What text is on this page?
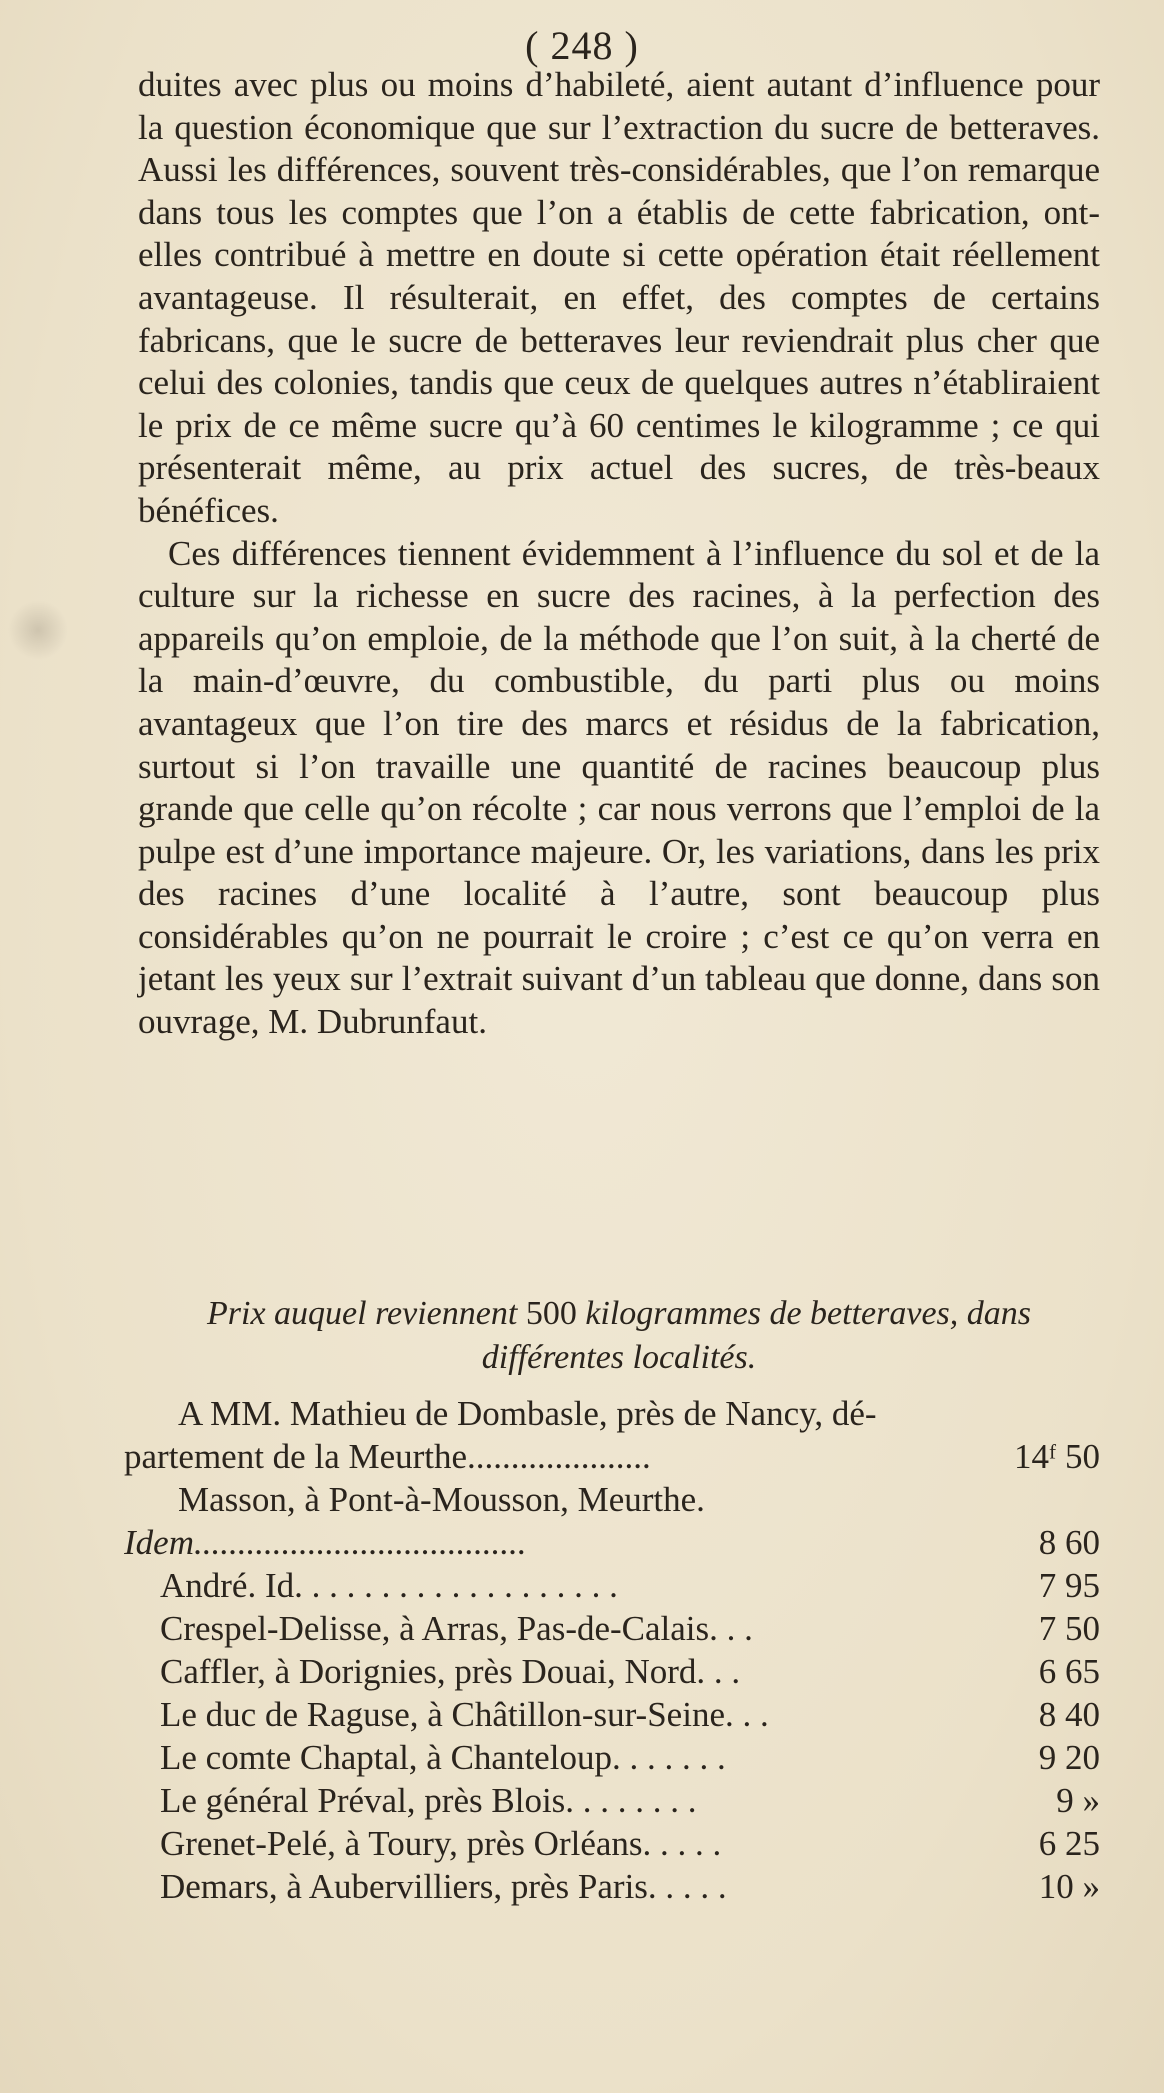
( 248 )

duites avec plus ou moins d’habileté, aient autant d’influence pour la question économique que sur l’extraction du sucre de betteraves. Aussi les différences, souvent très-considérables, que l’on remarque dans tous les comptes que l’on a établis de cette fabrication, ont-elles contribué à mettre en doute si cette opération était réellement avantageuse. Il résulterait, en effet, des comptes de certains fabricans, que le sucre de betteraves leur reviendrait plus cher que celui des colonies, tandis que ceux de quelques autres n’établiraient le prix de ce même sucre qu’à 60 centimes le kilogramme ; ce qui présenterait même, au prix actuel des sucres, de très-beaux bénéfices.

Ces différences tiennent évidemment à l’influence du sol et de la culture sur la richesse en sucre des racines, à la perfection des appareils qu’on emploie, de la méthode que l’on suit, à la cherté de la main-d’œuvre, du combustible, du parti plus ou moins avantageux que l’on tire des marcs et résidus de la fabrication, surtout si l’on travaille une quantité de racines beaucoup plus grande que celle qu’on récolte ; car nous verrons que l’emploi de la pulpe est d’une importance majeure. Or, les variations, dans les prix des racines d’une localité à l’autre, sont beaucoup plus considérables qu’on ne pourrait le croire ; c’est ce qu’on verra en jetant les yeux sur l’extrait suivant d’un tableau que donne, dans son ouvrage, M. Dubrunfaut.

Prix auquel reviennent 500 kilogrammes de betteraves, dans différentes localités.
A MM. Mathieu de Dombasle, près de Nancy, dé-
partement de la Meurthe.....................	14ᶠ 50
Masson, à Pont-à-Mousson, Meurthe.
Idem......................................	8 60
André. Id. . . . . . . . . . . . . . . . . . .	7 95
Crespel-Delisse, à Arras, Pas-de-Calais. . .	7 50
Caffler, à Dorignies, près Douai, Nord. . .	6 65
Le duc de Raguse, à Châtillon-sur-Seine. . .	8 40
Le comte Chaptal, à Chanteloup. . . . . . .	9 20
Le général Préval, près Blois. . . . . . . .	9 »
Grenet-Pelé, à Toury, près Orléans. . . . .	6 25
Demars, à Aubervilliers, près Paris. . . . .	10 »
